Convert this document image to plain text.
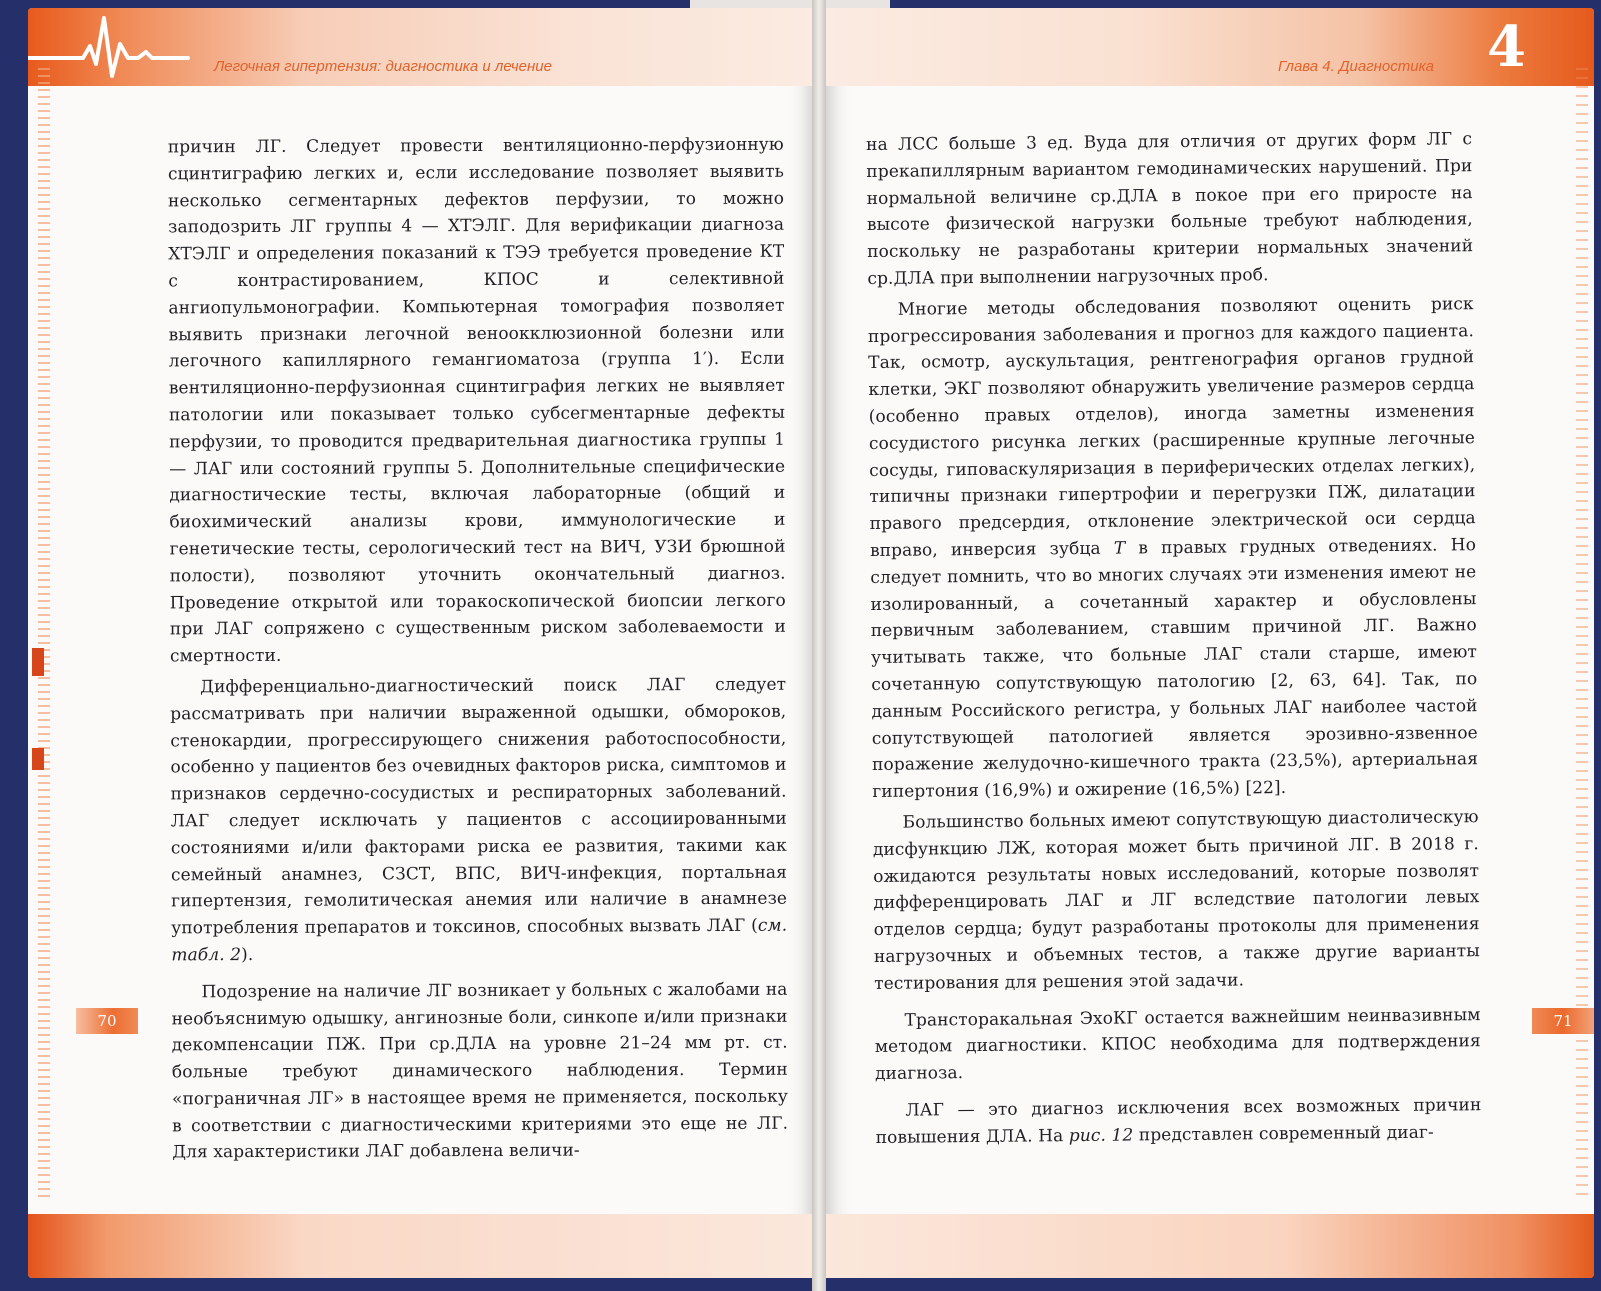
Легочная гипертензия: диагностика и лечение

причин ЛГ. Следует провести вентиляционно-перфузионную сцинтиграфию легких и, если исследование позволяет выявить несколько сегментарных дефектов перфузии, то можно заподозрить ЛГ группы 4 — ХТЭЛГ. Для верификации диагноза ХТЭЛГ и определения показаний к ТЭЭ требуется проведение КТ с контрастированием, КПОС и селективной ангиопульмонографии. Компьютерная томография позволяет выявить признаки легочной веноокклюзионной болезни или легочного капиллярного гемангиоматоза (группа 1′). Если вентиляционно-перфузионная сцинтиграфия легких не выявляет патологии или показывает только субсегментарные дефекты перфузии, то проводится предварительная диагностика группы 1 — ЛАГ или состояний группы 5. Дополнительные специфические диагностические тесты, включая лабораторные (общий и биохимический анализы крови, иммунологические и генетические тесты, серологический тест на ВИЧ, УЗИ брюшной полости), позволяют уточнить окончательный диагноз. Проведение открытой или торакоскопической биопсии легкого при ЛАГ сопряжено с существенным риском заболеваемости и смертности.

Дифференциально-диагностический поиск ЛАГ следует рассматривать при наличии выраженной одышки, обмороков, стенокардии, прогрессирующего снижения работоспособности, особенно у пациентов без очевидных факторов риска, симптомов и признаков сердечно-сосудистых и респираторных заболеваний. ЛАГ следует исключать у пациентов с ассоциированными состояниями и/или факторами риска ее развития, такими как семейный анамнез, СЗСТ, ВПС, ВИЧ-инфекция, портальная гипертензия, гемолитическая анемия или наличие в анамнезе употребления препаратов и токсинов, способных вызвать ЛАГ (см. табл. 2).

Подозрение на наличие ЛГ возникает у больных с жалобами на необъяснимую одышку, ангинозные боли, синкопе и/или признаки декомпенсации ПЖ. При ср.ДЛА на уровне 21–24 мм рт. ст. больные требуют динамического наблюдения. Термин «пограничная ЛГ» в настоящее время не применяется, поскольку в соответствии с диагностическими критериями это еще не ЛГ. Для характеристики ЛАГ добавлена величи-

70
Глава 4. Диагностика 4

на ЛСС больше 3 ед. Вуда для отличия от других форм ЛГ с прекапиллярным вариантом гемодинамических нарушений. При нормальной величине ср.ДЛА в покое при его приросте на высоте физической нагрузки больные требуют наблюдения, поскольку не разработаны критерии нормальных значений ср.ДЛА при выполнении нагрузочных проб.

Многие методы обследования позволяют оценить риск прогрессирования заболевания и прогноз для каждого пациента. Так, осмотр, аускультация, рентгенография органов грудной клетки, ЭКГ позволяют обнаружить увеличение размеров сердца (особенно правых отделов), иногда заметны изменения сосудистого рисунка легких (расширенные крупные легочные сосуды, гиповаскуляризация в периферических отделах легких), типичны признаки гипертрофии и перегрузки ПЖ, дилатации правого предсердия, отклонение электрической оси сердца вправо, инверсия зубца T в правых грудных отведениях. Но следует помнить, что во многих случаях эти изменения имеют не изолированный, а сочетанный характер и обусловлены первичным заболеванием, ставшим причиной ЛГ. Важно учитывать также, что больные ЛАГ стали старше, имеют сочетанную сопутствующую патологию [2, 63, 64]. Так, по данным Российского регистра, у больных ЛАГ наиболее частой сопутствующей патологией является эрозивно-язвенное поражение желудочно-кишечного тракта (23,5%), артериальная гипертония (16,9%) и ожирение (16,5%) [22].

Большинство больных имеют сопутствующую диастолическую дисфункцию ЛЖ, которая может быть причиной ЛГ. В 2018 г. ожидаются результаты новых исследований, которые позволят дифференцировать ЛАГ и ЛГ вследствие патологии левых отделов сердца; будут разработаны протоколы для применения нагрузочных и объемных тестов, а также другие варианты тестирования для решения этой задачи.

Трансторакальная ЭхоКГ остается важнейшим неинвазивным методом диагностики. КПОС необходима для подтверждения диагноза.

ЛАГ — это диагноз исключения всех возможных причин повышения ДЛА. На рис. 12 представлен современный диаг-

71
